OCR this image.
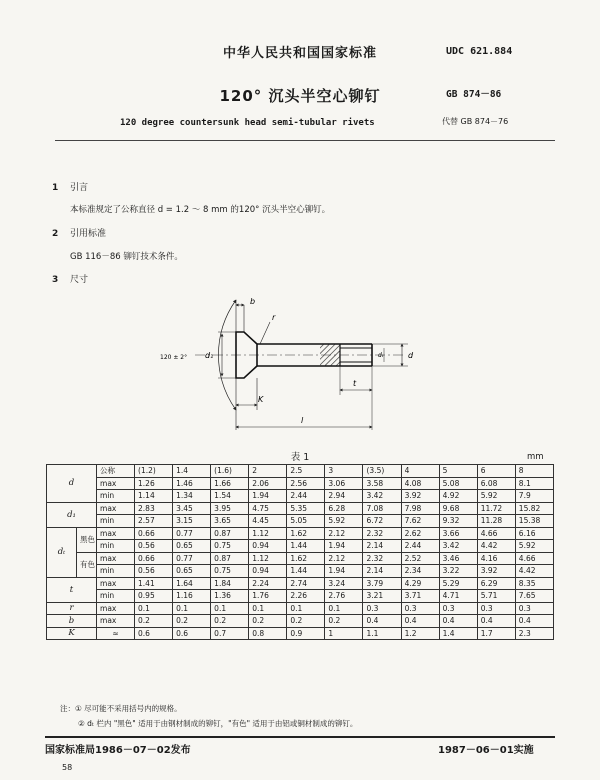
中华人民共和国国家标准	UDC 621.884
120° 沉头半空心铆钉	GB 874－86
120 degree countersunk head semi-tubular rivets	代替 GB 874－76
1 引言
本标准规定了公称直径 d = 1.2 ～ 8 mm 的120° 沉头半空心铆钉。
2 引用标准
GB 116－86 铆钉技术条件。
3 尺寸
b
r
d₁
120 ± 2°	d
dₜ
K
t
l
表 1	mm
d		公称	(1.2)	1.4	(1.6)	2	2.5	3	(3.5)	4	5	6	8
		max	1.26	1.46	1.66	2.06	2.56	3.06	3.58	4.08	5.08	6.08	8.1
		min	1.14	1.34	1.54	1.94	2.44	2.94	3.42	3.92	4.92	5.92	7.9
d₁		max	2.83	3.45	3.95	4.75	5.35	6.28	7.08	7.98	9.68	11.72	15.82
		min	2.57	3.15	3.65	4.45	5.05	5.92	6.72	7.62	9.32	11.28	15.38
dₜ	黑色	max	0.66	0.77	0.87	1.12	1.62	2.12	2.32	2.62	3.66	4.66	6.16
		min	0.56	0.65	0.75	0.94	1.44	1.94	2.14	2.44	3.42	4.42	5.92
	有色	max	0.66	0.77	0.87	1.12	1.62	2.12	2.32	2.52	3.46	4.16	4.66
		min	0.56	0.65	0.75	0.94	1.44	1.94	2.14	2.34	3.22	3.92	4.42
t		max	1.41	1.64	1.84	2.24	2.74	3.24	3.79	4.29	5.29	6.29	8.35
		min	0.95	1.16	1.36	1.76	2.26	2.76	3.21	3.71	4.71	5.71	7.65
r		max	0.1	0.1	0.1	0.1	0.1	0.1	0.3	0.3	0.3	0.3	0.3
b		max	0.2	0.2	0.2	0.2	0.2	0.2	0.4	0.4	0.4	0.4	0.4
K		≈	0.6	0.6	0.7	0.8	0.9	1	1.1	1.2	1.4	1.7	2.3
注：① 尽可能不采用括号内的规格。
② dₜ 栏内 "黑色" 适用于由钢材制成的铆钉，"有色" 适用于由铝或铜材制成的铆钉。
国家标准局1986－07－02发布	1987－06－01实施
58
